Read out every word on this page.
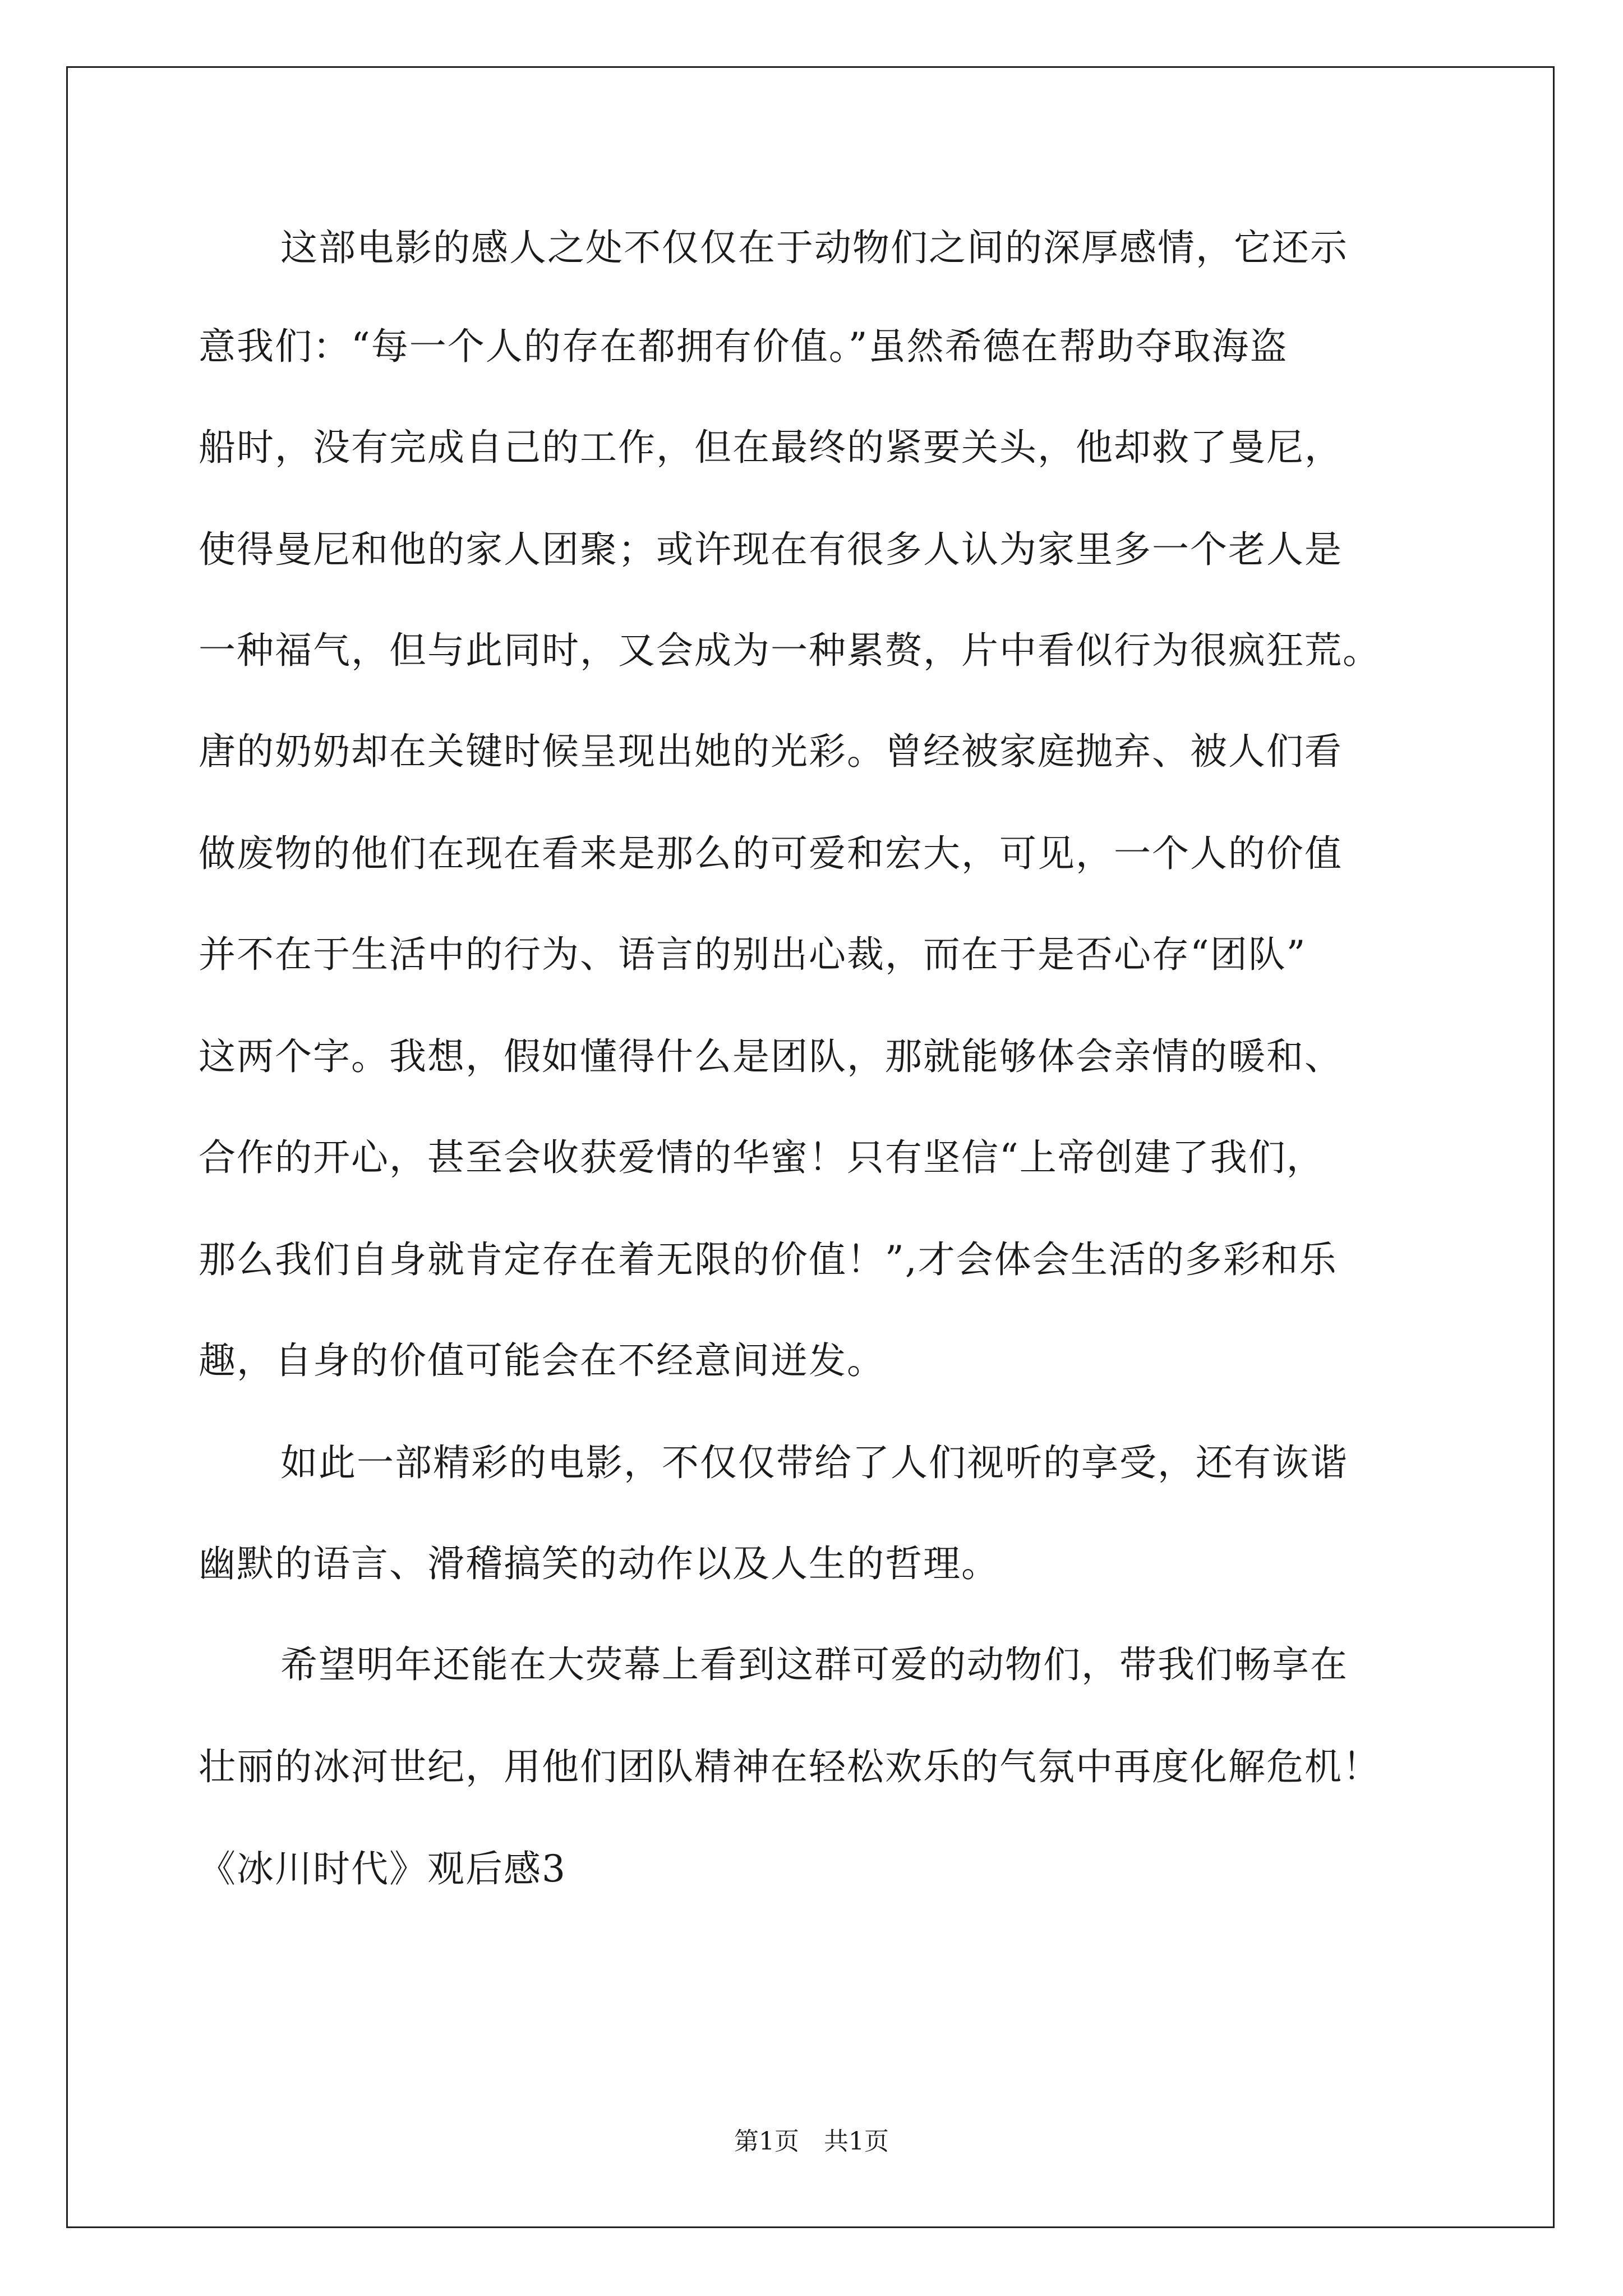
这部电影的感人之处不仅仅在于动物们之间的深厚感情，它还示
意我们：“每一个人的存在都拥有价值。”虽然希德在帮助夺取海盗
船时，没有完成自己的工作，但在最终的紧要关头，他却救了曼尼，
使得曼尼和他的家人团聚；或许现在有很多人认为家里多一个老人是
一种福气，但与此同时，又会成为一种累赘，片中看似行为很疯狂荒。
唐的奶奶却在关键时候呈现出她的光彩。曾经被家庭抛弃、被人们看
做废物的他们在现在看来是那么的可爱和宏大，可见，一个人的价值
并不在于生活中的行为、语言的别出心裁，而在于是否心存“团队”
这两个字。我想，假如懂得什么是团队，那就能够体会亲情的暖和、
合作的开心，甚至会收获爱情的华蜜！只有坚信“上帝创建了我们，
那么我们自身就肯定存在着无限的价值！”,才会体会生活的多彩和乐
趣，自身的价值可能会在不经意间迸发。
如此一部精彩的电影，不仅仅带给了人们视听的享受，还有诙谐
幽默的语言、滑稽搞笑的动作以及人生的哲理。
希望明年还能在大荧幕上看到这群可爱的动物们，带我们畅享在
壮丽的冰河世纪，用他们团队精神在轻松欢乐的气氛中再度化解危机！
《冰川时代》观后感3
第1页　共1页
